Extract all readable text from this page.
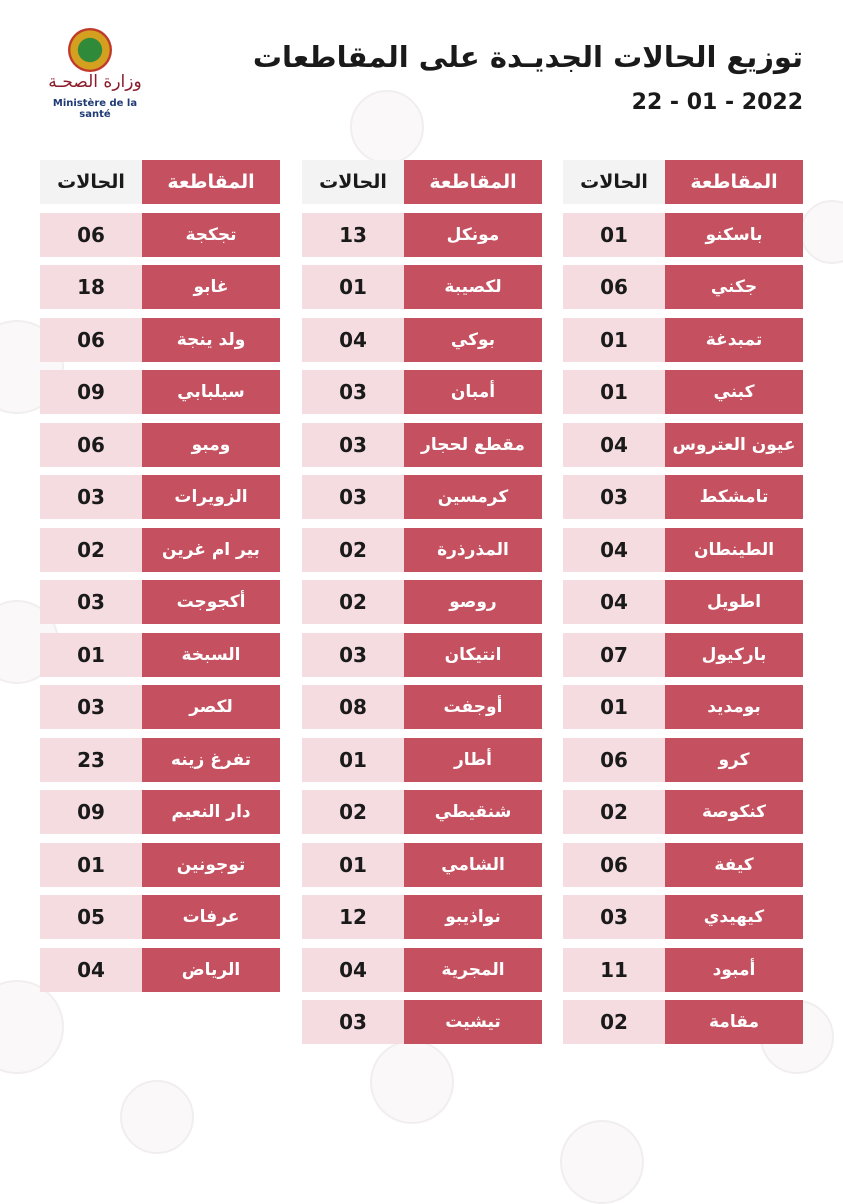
وزارة الصحـة
Ministère de la santé
توزيع الحالات الجديـدة على المقاطعات
22 - 01 - 2022
المقاطعة
الحالات
باسكنو
01
جكني
06
تمبدغة
01
كبني
01
عيون العتروس
04
تامشكط
03
الطينطان
04
اطويل
04
باركيول
07
بومديد
01
كرو
06
كنكوصة
02
كيفة
06
كيهيدي
03
أمبود
11
مقامة
02
المقاطعة
الحالات
مونكل
13
لكصيبة
01
بوكي
04
أمبان
03
مقطع لحجار
03
كرمسين
03
المذرذرة
02
روصو
02
انتيكان
03
أوجفت
08
أطار
01
شنقيطي
02
الشامي
01
نواذيبو
12
المجرية
04
تيشيت
03
المقاطعة
الحالات
تجكجة
06
غابو
18
ولد ينجة
06
سيلبابي
09
ومبو
06
الزويرات
03
بير ام غرين
02
أكجوجت
03
السبخة
01
لكصر
03
تفرغ زينه
23
دار النعيم
09
توجونين
01
عرفات
05
الرياض
04
